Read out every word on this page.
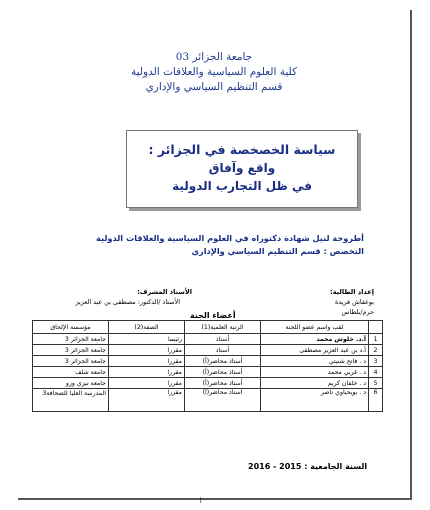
جامعة الجزائر 03
كلية العلوم السياسية والعلاقات الدولية
قسم التنظيم السياسي والإداري
سياسة الخصخصة في الجزائر :
واقع وآفاق
في ظل التجارب الدولية
أطروحة لنيل شهادة دكتوراه في العلوم السياسية والعلاقات الدولية
التخصص : قسم التنظيم السياسي والإداري
إعداد الطالبة:
بوعقاش فريدة
حرم/بلطاس
الأستاذ المشرف:
الأستاذ /الدكتور: مصطفى بن عبد العزيز
أعضاء الجنة
	لقب واسم عضو اللجنة	الرتبة العلمية(1)	الصفة(2)	مؤسسة الإلحاق
1	أ.د. خلوش محمد	أستاذ	رئيسا	جامعة الجزائر 3
2	أ.د بن عبد العزيز مصطفى	أستاذ	مقررا	جامعة الجزائر 3
3	د . فاتح شنيتي	أستاذ محاضر(أ)	مقررا	جامعة الجزائر 3
4	د . غربي محمد	أستاذ محاضر(أ)	مقررا	جامعة شلف
5	د . خلفان كريم	أستاذ محاضر(أ)	مقررا	جامعة تيزي وزو
6	د . بويحياوي ناصر	أستاذ محاضر(أ)	مقررا	المدرسة العليا للصحافة3
السنة الجامعية : 2015 - 2016
أ
